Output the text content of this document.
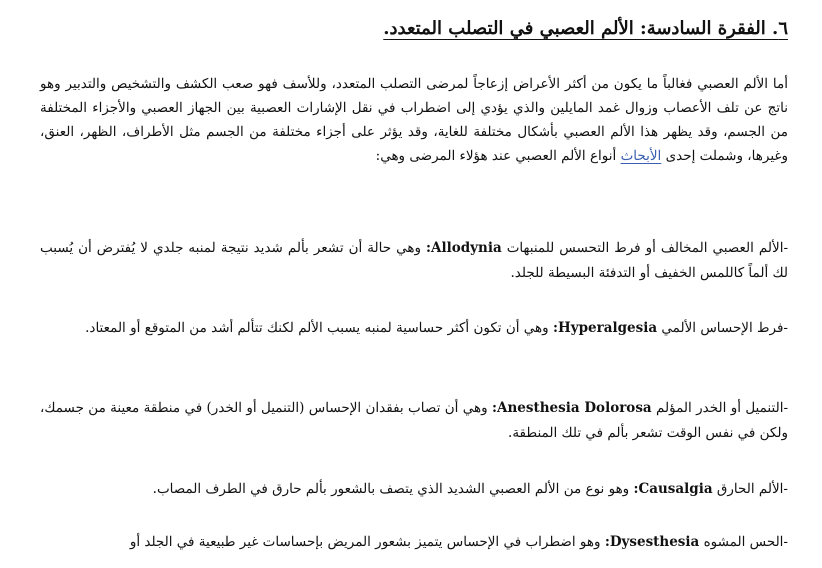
٦. الفقرة السادسة: الألم العصبي في التصلب المتعدد.

أما الألم العصبي فغالباً ما يكون من أكثر الأعراض إزعاجاً لمرضى التصلب المتعدد، وللأسف فهو صعب الكشف والتشخيص والتدبير وهو ناتج عن تلف الأعصاب وزوال غمد المايلين والذي يؤدي إلى اضطراب في نقل الإشارات العصبية بين الجهاز العصبي والأجزاء المختلفة من الجسم، وقد يظهر هذا الألم العصبي بأشكال مختلفة للغاية، وقد يؤثر على أجزاء مختلفة من الجسم مثل الأطراف، الظهر، العنق، وغيرها، وشملت إحدى الأبحاث أنواع الألم العصبي عند هؤلاء المرضى وهي:

-الألم العصبي المخالف أو فرط التحسس للمنبهات Allodynia: وهي حالة أن تشعر بألم شديد نتيجة لمنبه جلدي لا يُفترض أن يُسبب لك ألماً كاللمس الخفيف أو التدفئة البسيطة للجلد.

-فرط الإحساس الألمي Hyperalgesia: وهي أن تكون أكثر حساسية لمنبه يسبب الألم لكنك تتألم أشد من المتوقع أو المعتاد.

-التنميل أو الخدر المؤلم Anesthesia Dolorosa: وهي أن تصاب بفقدان الإحساس (التنميل أو الخدر) في منطقة معينة من جسمك، ولكن في نفس الوقت تشعر بألم في تلك المنطقة.

-الألم الحارق Causalgia: وهو نوع من الألم العصبي الشديد الذي يتصف بالشعور بألم حارق في الطرف المصاب.

-الحس المشوه Dysesthesia: وهو اضطراب في الإحساس يتميز بشعور المريض بإحساسات غير طبيعية في الجلد أو
